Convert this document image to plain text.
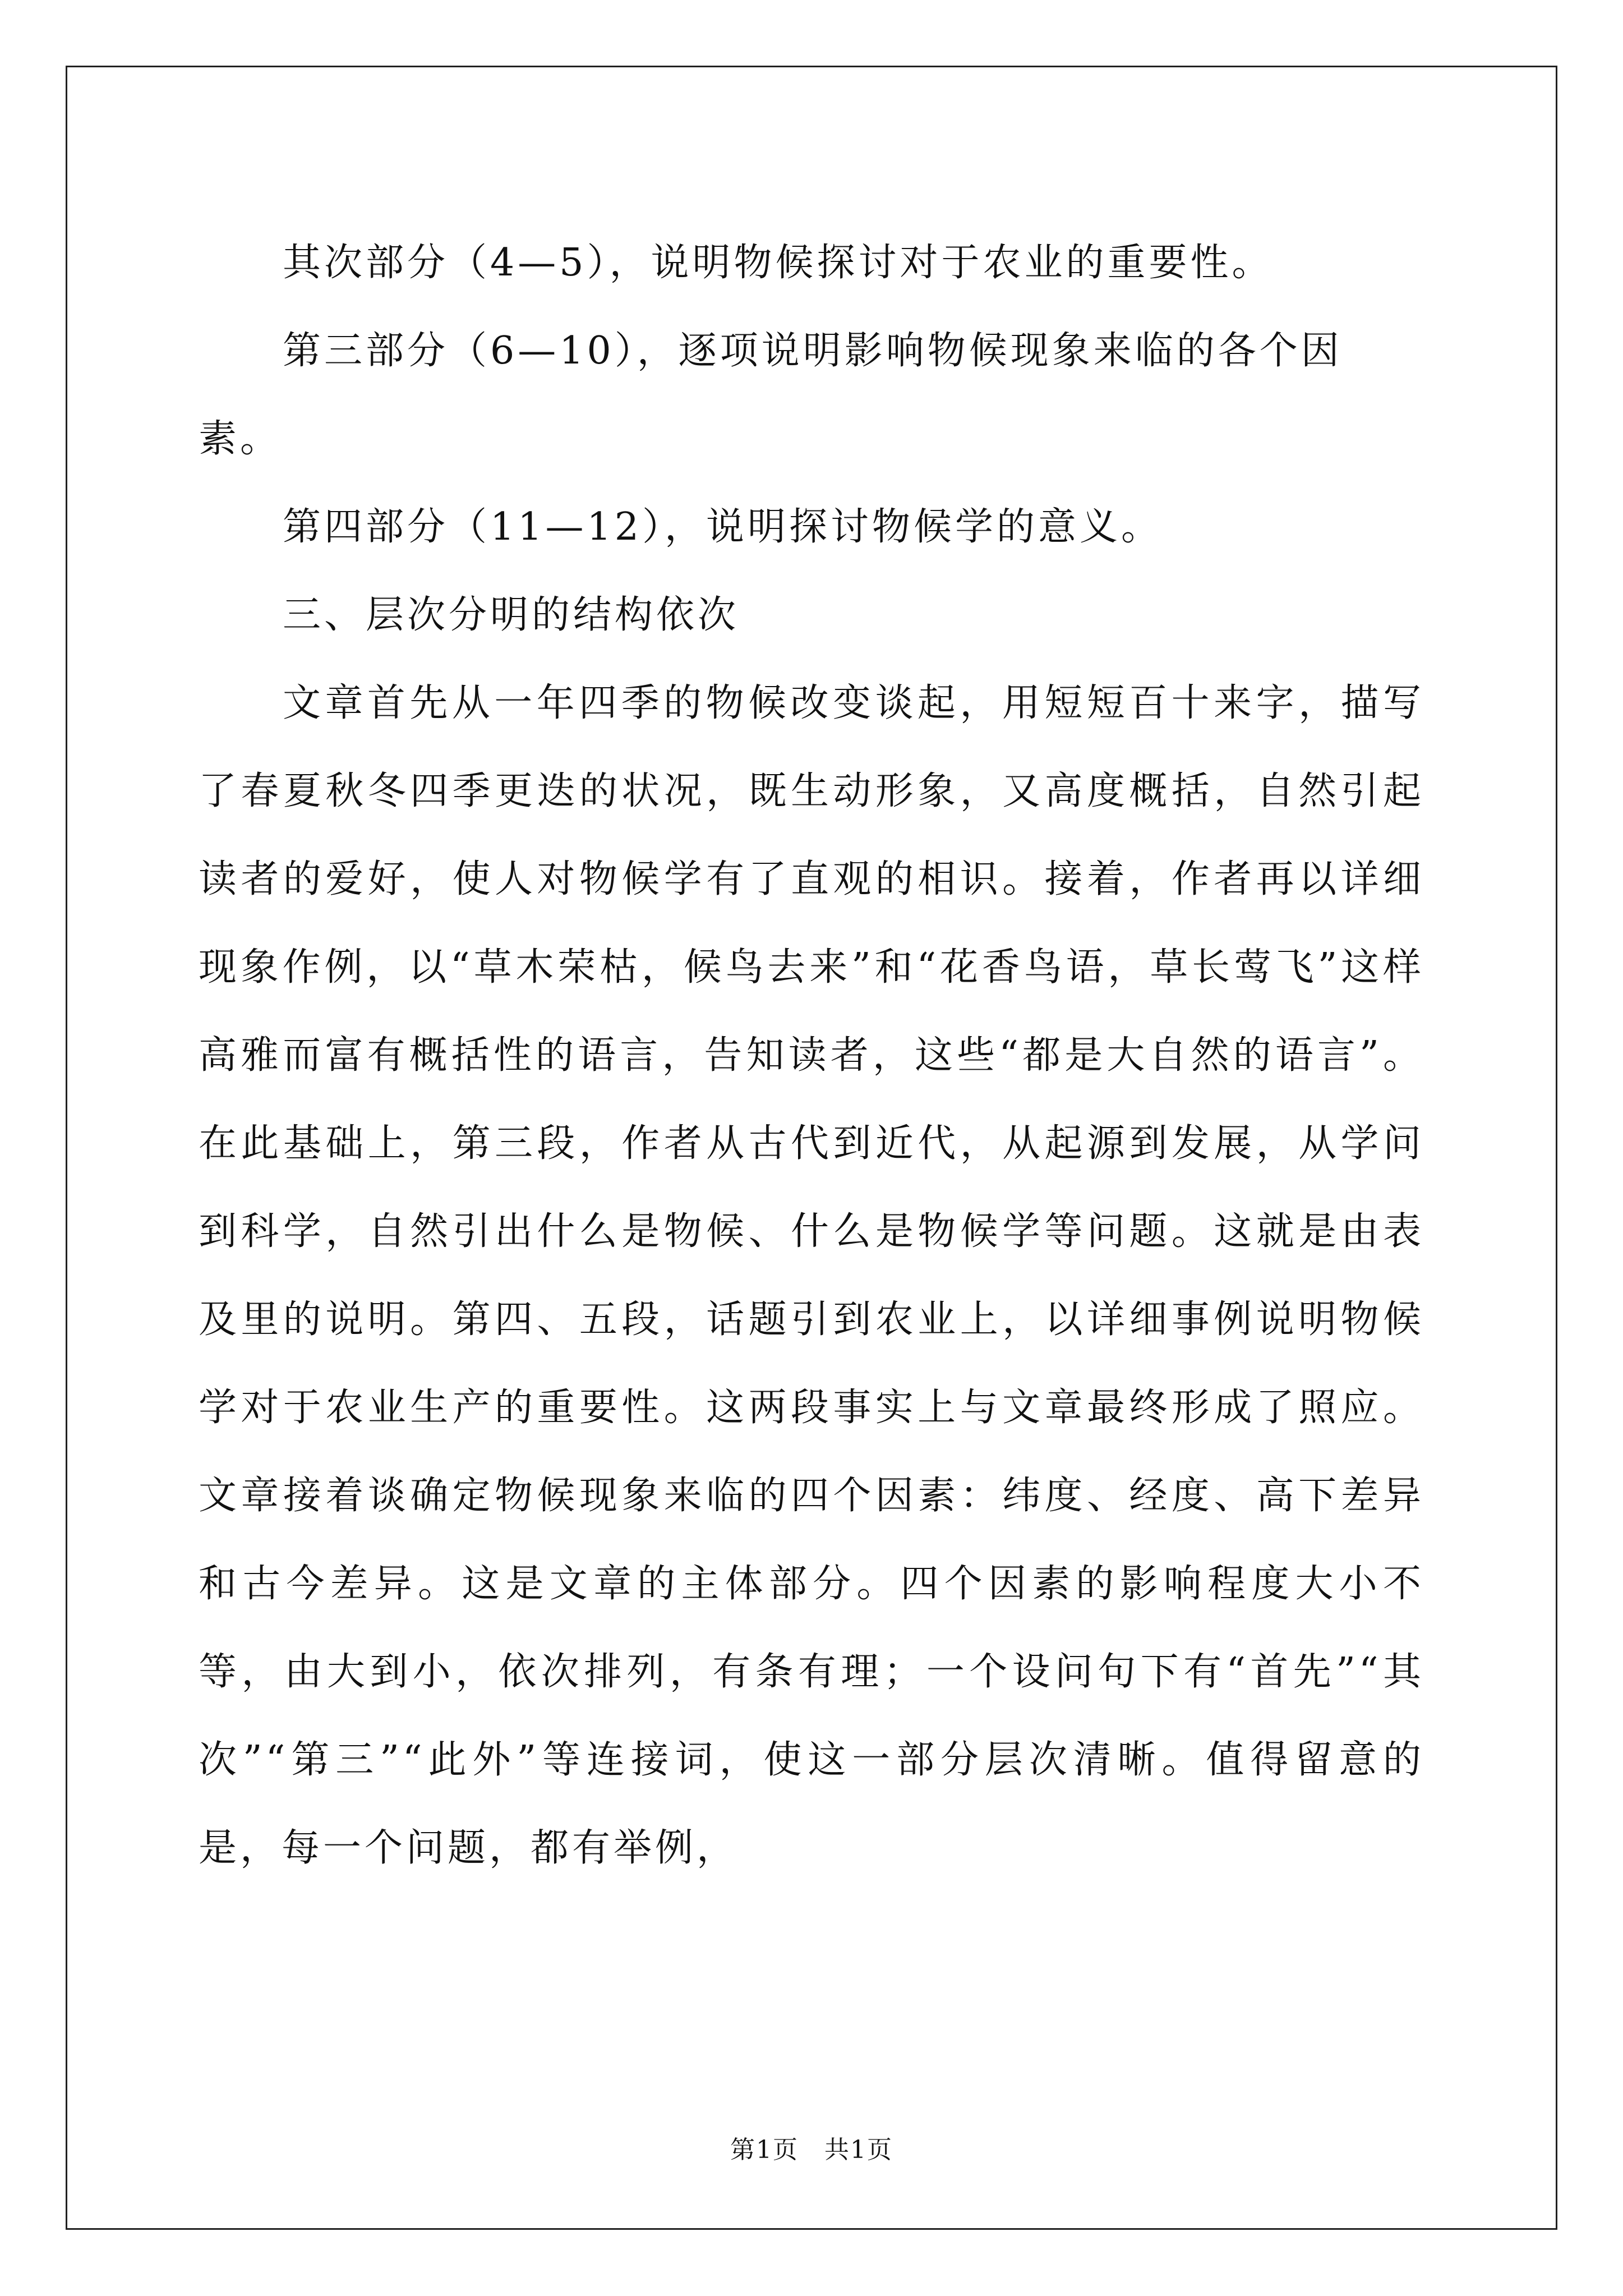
其次部分（4—5），说明物候探讨对于农业的重要性。

第三部分（6—10），逐项说明影响物候现象来临的各个因素。

第四部分（11—12），说明探讨物候学的意义。

三、层次分明的结构依次

文章首先从一年四季的物候改变谈起，用短短百十来字，描写了春夏秋冬四季更迭的状况，既生动形象，又高度概括，自然引起读者的爱好，使人对物候学有了直观的相识。接着，作者再以详细现象作例，以“草木荣枯，候鸟去来”和“花香鸟语，草长莺飞”这样高雅而富有概括性的语言，告知读者，这些“都是大自然的语言”。在此基础上，第三段，作者从古代到近代，从起源到发展，从学问到科学，自然引出什么是物候、什么是物候学等问题。这就是由表及里的说明。第四、五段，话题引到农业上，以详细事例说明物候学对于农业生产的重要性。这两段事实上与文章最终形成了照应。文章接着谈确定物候现象来临的四个因素：纬度、经度、高下差异和古今差异。这是文章的主体部分。四个因素的影响程度大小不等，由大到小，依次排列，有条有理；一个设问句下有“首先”“其次”“第三”“此外”等连接词，使这一部分层次清晰。值得留意的是，每一个问题，都有举例，

第1页　共1页
